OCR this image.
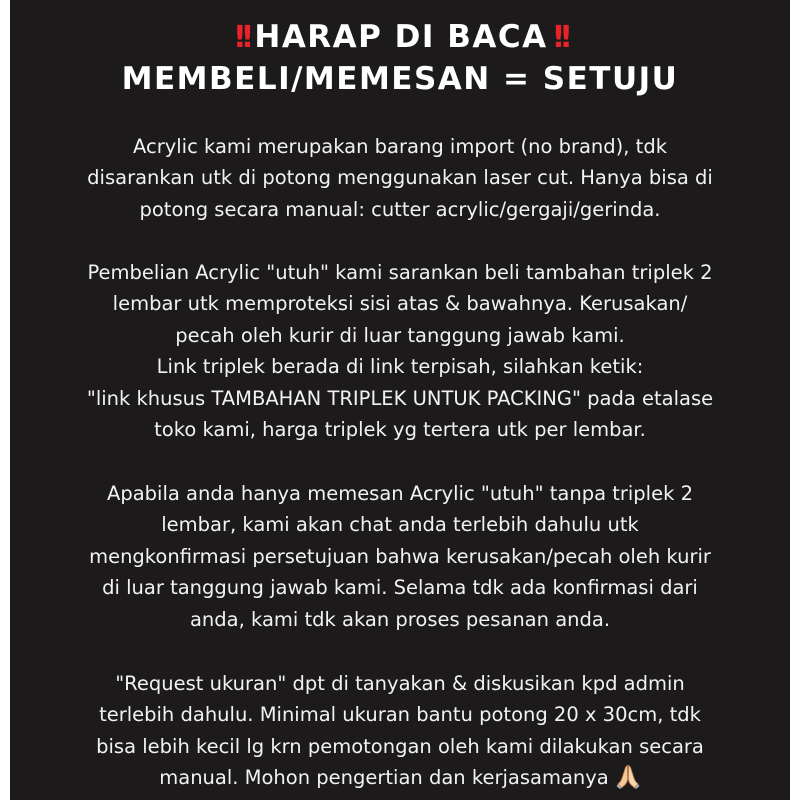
!! HARAP DI BACA !!
MEMBELI/MEMESAN = SETUJU
Acrylic kami merupakan barang import (no brand), tdk
disarankan utk di potong menggunakan laser cut. Hanya bisa di
potong secara manual: cutter acrylic/gergaji/gerinda.
Pembelian Acrylic "utuh" kami sarankan beli tambahan triplek 2
lembar utk memproteksi sisi atas & bawahnya. Kerusakan/
pecah oleh kurir di luar tanggung jawab kami.
Link triplek berada di link terpisah, silahkan ketik:
"link khusus TAMBAHAN TRIPLEK UNTUK PACKING" pada etalase
toko kami, harga triplek yg tertera utk per lembar.
Apabila anda hanya memesan Acrylic "utuh" tanpa triplek 2
lembar, kami akan chat anda terlebih dahulu utk
mengkonfirmasi persetujuan bahwa kerusakan/pecah oleh kurir
di luar tanggung jawab kami. Selama tdk ada konfirmasi dari
anda, kami tdk akan proses pesanan anda.
"Request ukuran" dpt di tanyakan & diskusikan kpd admin
terlebih dahulu. Minimal ukuran bantu potong 20 x 30cm, tdk
bisa lebih kecil lg krn pemotongan oleh kami dilakukan secara
manual. Mohon pengertian dan kerjasamanya
